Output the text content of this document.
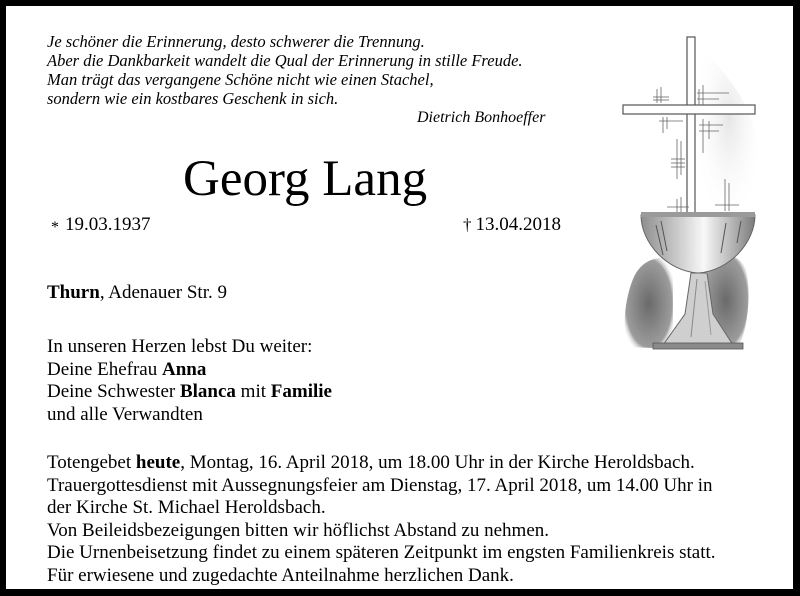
Je schöner die Erinnerung, desto schwerer die Trennung.
Aber die Dankbarkeit wandelt die Qual der Erinnerung in stille Freude.
Man trägt das vergangene Schöne nicht wie einen Stachel,
sondern wie ein kostbares Geschenk in sich.
Dietrich Bonhoeffer
Georg Lang
* 19.03.1937	† 13.04.2018
Thurn, Adenauer Str. 9
In unseren Herzen lebst Du weiter:
Deine Ehefrau Anna
Deine Schwester Blanca mit Familie
und alle Verwandten
Totengebet heute, Montag, 16. April 2018, um 18.00 Uhr in der Kirche Heroldsbach.
Trauergottesdienst mit Aussegnungsfeier am Dienstag, 17. April 2018, um 14.00 Uhr in
der Kirche St. Michael Heroldsbach.
Von Beileidsbezeigungen bitten wir höflichst Abstand zu nehmen.
Die Urnenbeisetzung findet zu einem späteren Zeitpunkt im engsten Familienkreis statt.
Für erwiesene und zugedachte Anteilnahme herzlichen Dank.
